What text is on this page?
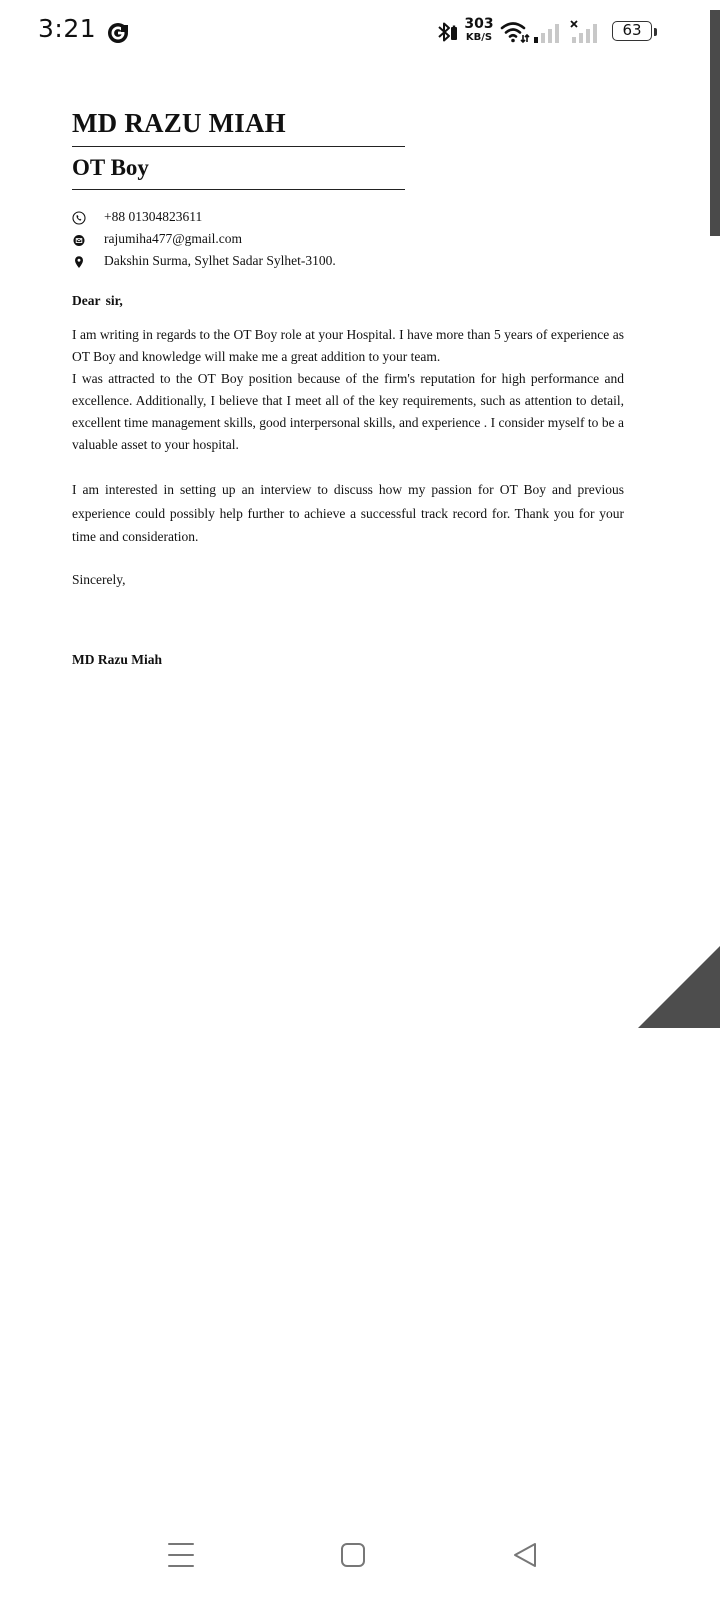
3:21	303
KB/S	63
MD RAZU MIAH
OT Boy
+88 01304823611
rajumiha477@gmail.com
Dakshin Surma, Sylhet Sadar Sylhet-3100.
Dear sir,
I am writing in regards to the OT Boy role at your Hospital. I have more than 5 years of experience as OT Boy and knowledge will make me a great addition to your team.
I was attracted to the OT Boy position because of the firm's reputation for high performance and excellence. Additionally, I believe that I meet all of the key requirements, such as attention to detail, excellent time management skills, good interpersonal skills, and experience . I consider myself to be a valuable asset to your hospital.
I am interested in setting up an interview to discuss how my passion for OT Boy and previous experience could possibly help further to achieve a successful track record for. Thank you for your time and consideration.
Sincerely,
MD Razu Miah
